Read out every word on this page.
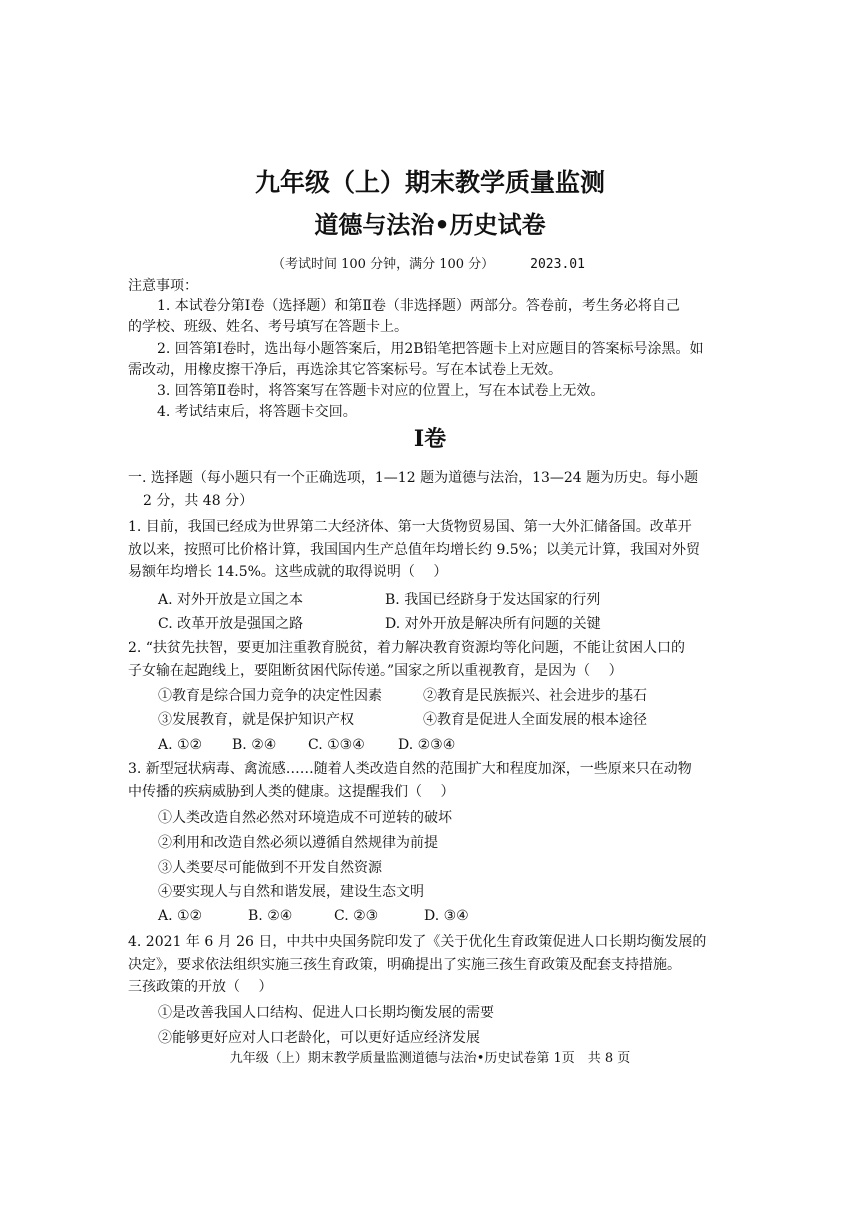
九年级（上）期末教学质量监测
道德与法治•历史试卷
（考试时间 100 分钟，满分 100 分）	2023.01
注意事项：
1. 本试卷分第Ⅰ卷（选择题）和第Ⅱ卷（非选择题）两部分。答卷前，考生务必将自己
的学校、班级、姓名、考号填写在答题卡上。
2. 回答第Ⅰ卷时，选出每小题答案后，用2B铅笔把答题卡上对应题目的答案标号涂黑。如
需改动，用橡皮擦干净后，再选涂其它答案标号。写在本试卷上无效。
3. 回答第Ⅱ卷时，将答案写在答题卡对应的位置上，写在本试卷上无效。
4. 考试结束后，将答题卡交回。
Ⅰ卷
一. 选择题（每小题只有一个正确选项，1—12 题为道德与法治，13—24 题为历史。每小题
2 分，共 48 分）
1. 目前，我国已经成为世界第二大经济体、第一大货物贸易国、第一大外汇储备国。改革开
放以来，按照可比价格计算，我国国内生产总值年均增长约 9.5%；以美元计算，我国对外贸
易额年均增长 14.5%。这些成就的取得说明（　 ）
A. 对外开放是立国之本	B. 我国已经跻身于发达国家的行列
C. 改革开放是强国之路	D. 对外开放是解决所有问题的关键
2. “扶贫先扶智，要更加注重教育脱贫，着力解决教育资源均等化问题，不能让贫困人口的
子女输在起跑线上，要阻断贫困代际传递。”国家之所以重视教育，是因为（　 ）
①教育是综合国力竞争的决定性因素	②教育是民族振兴、社会进步的基石
③发展教育，就是保护知识产权	④教育是促进人全面发展的根本途径
A. ①② B. ②④ C. ①③④ D. ②③④
3. 新型冠状病毒、禽流感……随着人类改造自然的范围扩大和程度加深，一些原来只在动物
中传播的疾病威胁到人类的健康。这提醒我们（　 ）
①人类改造自然必然对环境造成不可逆转的破坏
②利用和改造自然必须以遵循自然规律为前提
③人类要尽可能做到不开发自然资源
④要实现人与自然和谐发展，建设生态文明
A. ①②	B. ②④	C. ②③	D. ③④
4. 2021 年 6 月 26 日，中共中央国务院印发了《关于优化生育政策促进人口长期均衡发展的
决定》，要求依法组织实施三孩生育政策，明确提出了实施三孩生育政策及配套支持措施。
三孩政策的开放（　 ）
①是改善我国人口结构、促进人口长期均衡发展的需要
②能够更好应对人口老龄化，可以更好适应经济发展
九年级（上）期末教学质量监测道德与法治•历史试卷第 1页　共 8 页
